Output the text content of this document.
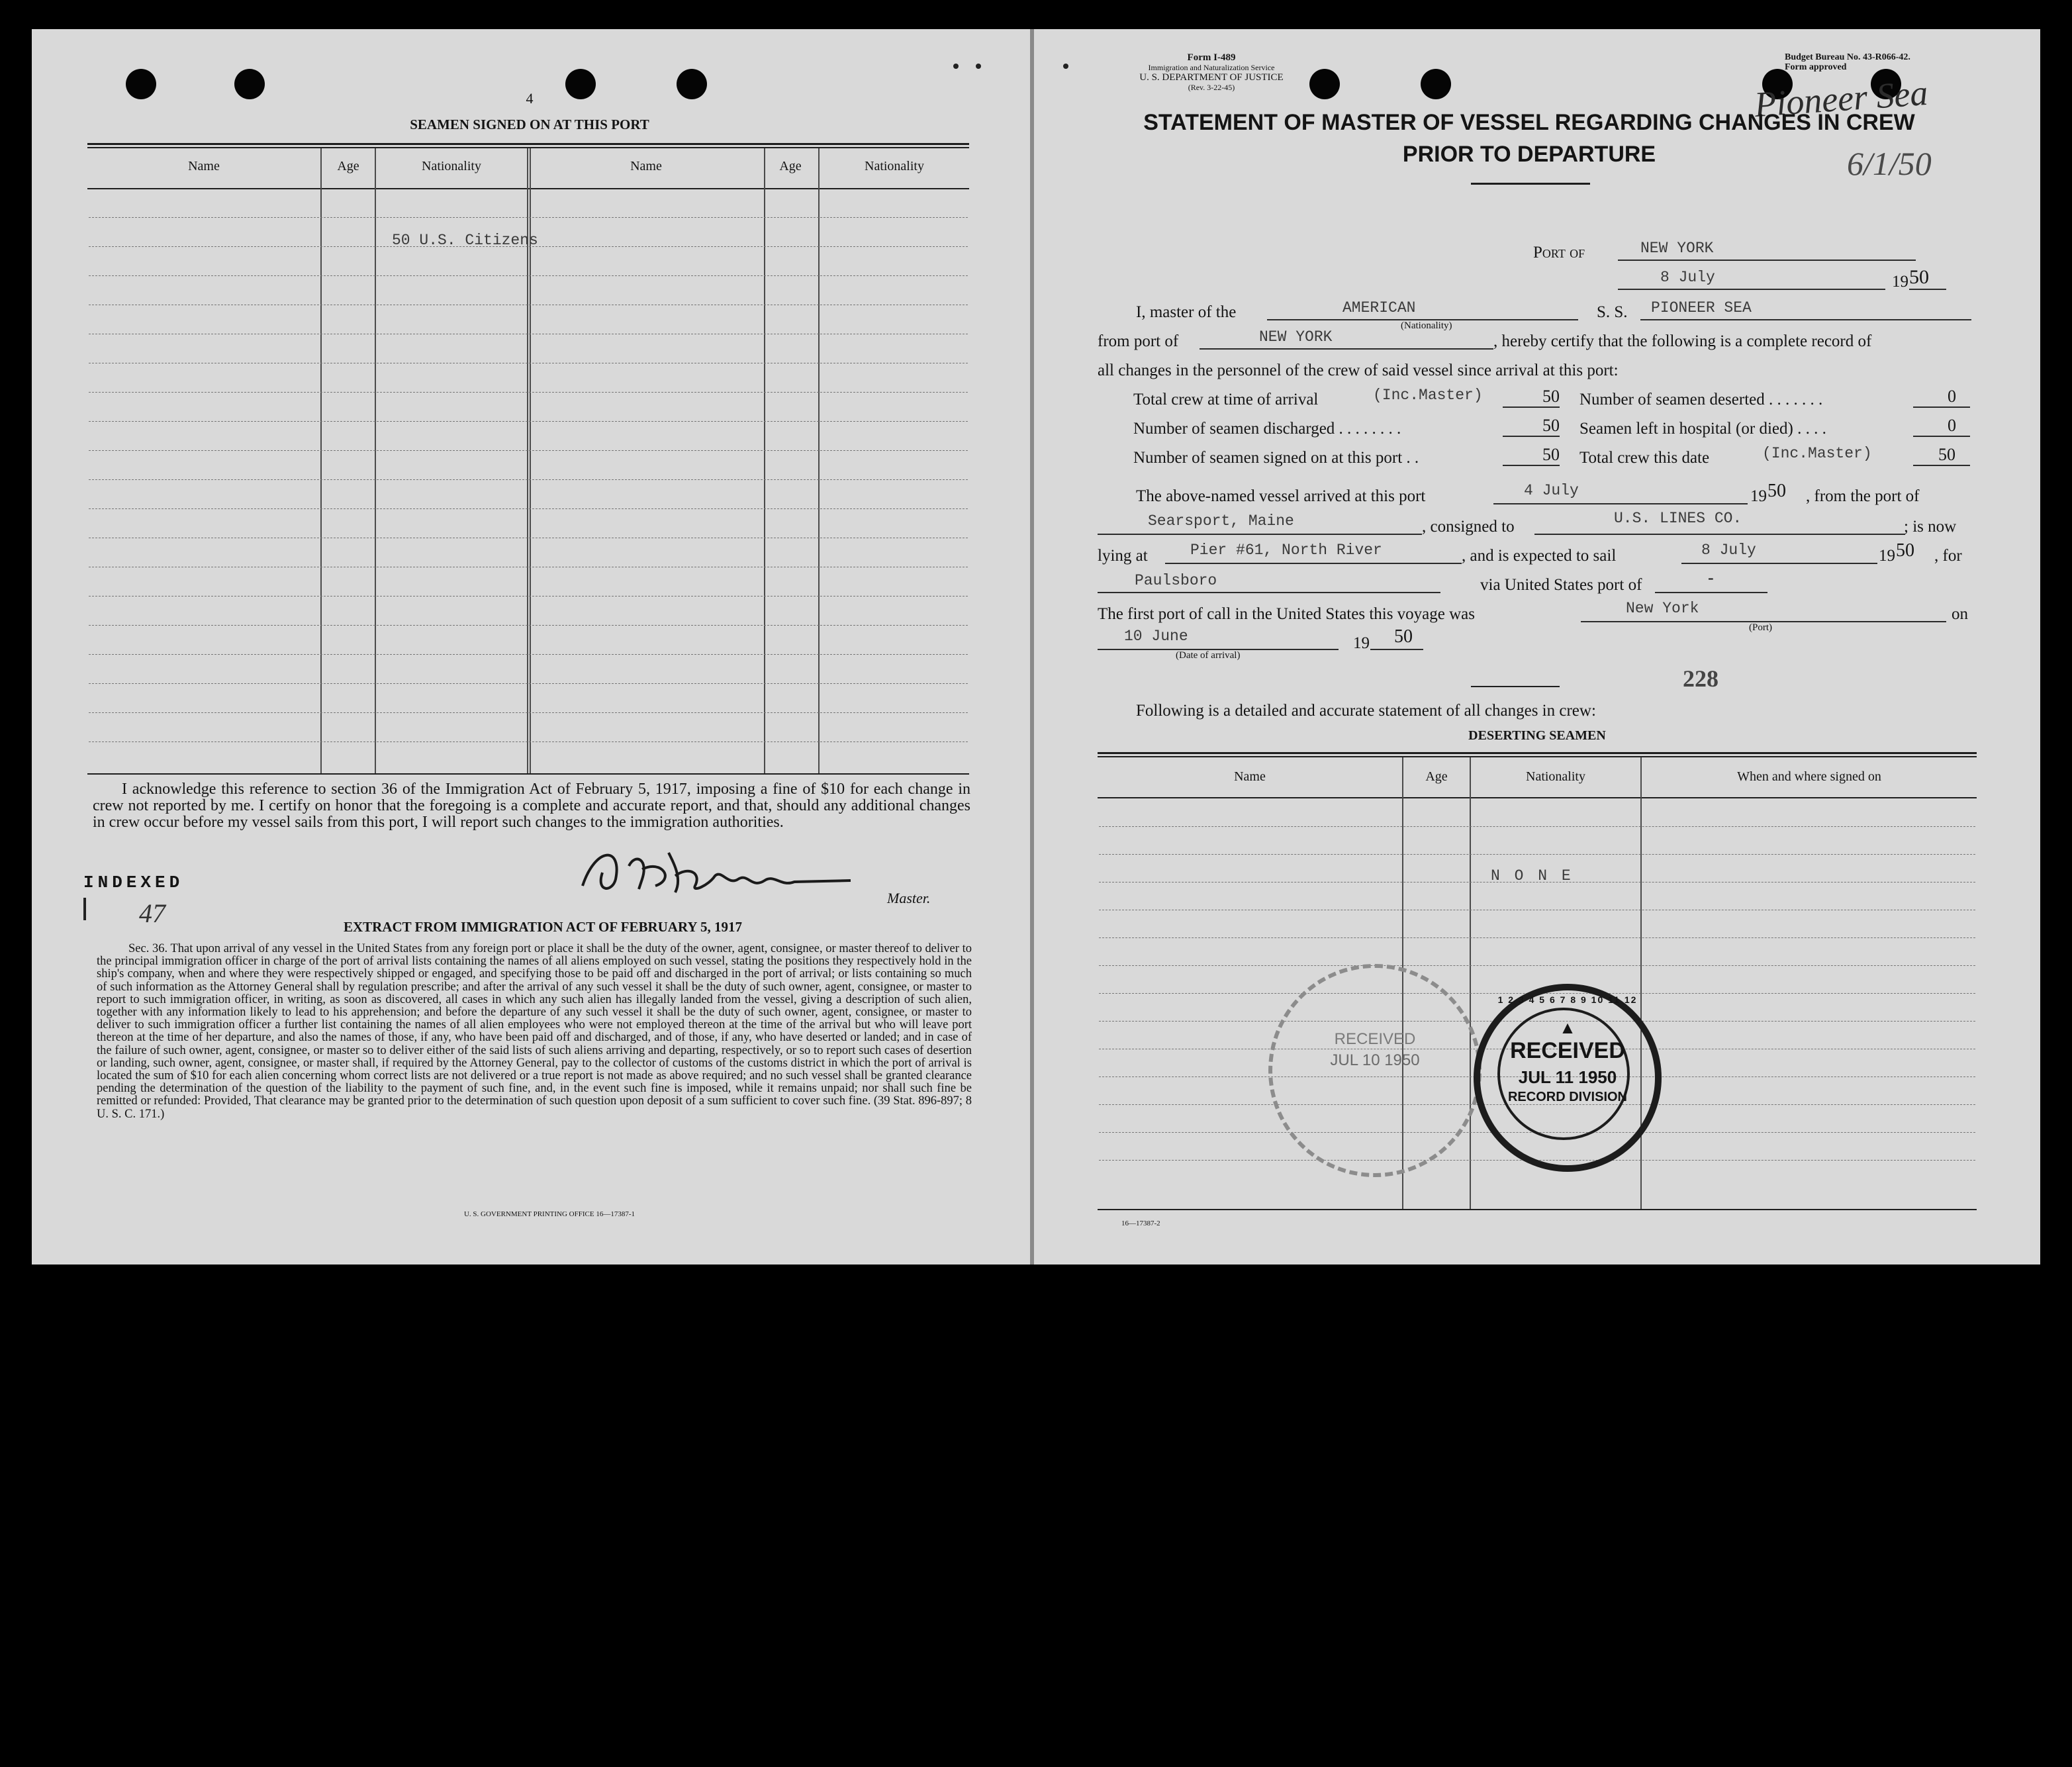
4
SEAMEN SIGNED ON AT THIS PORT
Name	Age	Nationality	Name	Age	Nationality
50 U.S. Citizens
I acknowledge this reference to section 36 of the Immigration Act of February 5, 1917, imposing a fine of $10 for each change in crew not reported by me. I certify on honor that the foregoing is a complete and accurate report, and that, should any additional changes in crew occur before my vessel sails from this port, I will report such changes to the immigration authorities.
Master.
INDEXED
47	EXTRACT FROM IMMIGRATION ACT OF FEBRUARY 5, 1917
Sec. 36. That upon arrival of any vessel in the United States from any foreign port or place it shall be the duty of the owner, agent, consignee, or master thereof to deliver to the principal immigration officer in charge of the port of arrival lists containing the names of all aliens employed on such vessel, stating the positions they respectively hold in the ship's company, when and where they were respectively shipped or engaged, and specifying those to be paid off and discharged in the port of arrival; or lists containing so much of such information as the Attorney General shall by regulation prescribe; and after the arrival of any such vessel it shall be the duty of such owner, agent, consignee, or master to report to such immigration officer, in writing, as soon as discovered, all cases in which any such alien has illegally landed from the vessel, giving a description of such alien, together with any information likely to lead to his apprehension; and before the departure of any such vessel it shall be the duty of such owner, agent, consignee, or master to deliver to such immigration officer a further list containing the names of all alien employees who were not employed thereon at the time of the arrival but who will leave port thereon at the time of her departure, and also the names of those, if any, who have been paid off and discharged, and of those, if any, who have deserted or landed; and in case of the failure of such owner, agent, consignee, or master so to deliver either of the said lists of such aliens arriving and departing, respectively, or so to report such cases of desertion or landing, such owner, agent, consignee, or master shall, if required by the Attorney General, pay to the collector of customs of the customs district in which the port of arrival is located the sum of $10 for each alien concerning whom correct lists are not delivered or a true report is not made as above required; and no such vessel shall be granted clearance pending the determination of the question of the liability to the payment of such fine, and, in the event such fine is imposed, while it remains unpaid; nor shall such fine be remitted or refunded: Provided, That clearance may be granted prior to the determination of such question upon deposit of a sum sufficient to cover such fine. (39 Stat. 896-897; 8 U. S. C. 171.)
U. S. GOVERNMENT PRINTING OFFICE 16—17387-1
Form I-489
Immigration and Naturalization Service
U. S. DEPARTMENT OF JUSTICE
(Rev. 3-22-45)
Budget Bureau No. 43-R066-42.
Form approved
Pioneer Sea
6/1/50
STATEMENT OF MASTER OF VESSEL REGARDING CHANGES IN CREW
PRIOR TO DEPARTURE
Port of	NEW YORK
8 July	19 50
I, master of the	AMERICAN
(Nationality)
S. S. PIONEER SEA
from port of	NEW YORK	, hereby certify that the following is a complete record of
all changes in the personnel of the crew of said vessel since arrival at this port:
Total crew at time of arrival	(Inc.Master)	50 Number of seamen deserted . . . . . . .	0
Number of seamen discharged . . . . . . . .	50 Seamen left in hospital (or died) . . . .	0
Number of seamen signed on at this port . .	50 Total crew this date	(Inc.Master)	50
The above-named vessel arrived at this port	4 July	19 50 , from the port of
Searsport, Maine	, consigned to	U.S. LINES CO.	; is now
lying at	Pier #61, North River	, and is expected to sail	8 July	19 50 , for
Paulsboro	via United States port of	-
The first port of call in the United States this voyage was	New York
(Port)
on
10 June
(Date of arrival)
19 50
228
Following is a detailed and accurate statement of all changes in crew:
DESERTING SEAMEN
Name	Age	Nationality	When and where signed on
N O N E
RECEIVED
JUL 10 1950
1 2 3 4 5 6 7 8 9 10 11 12
▲
RECEIVED
JUL 11 1950
RECORD DIVISION
16—17387-2
